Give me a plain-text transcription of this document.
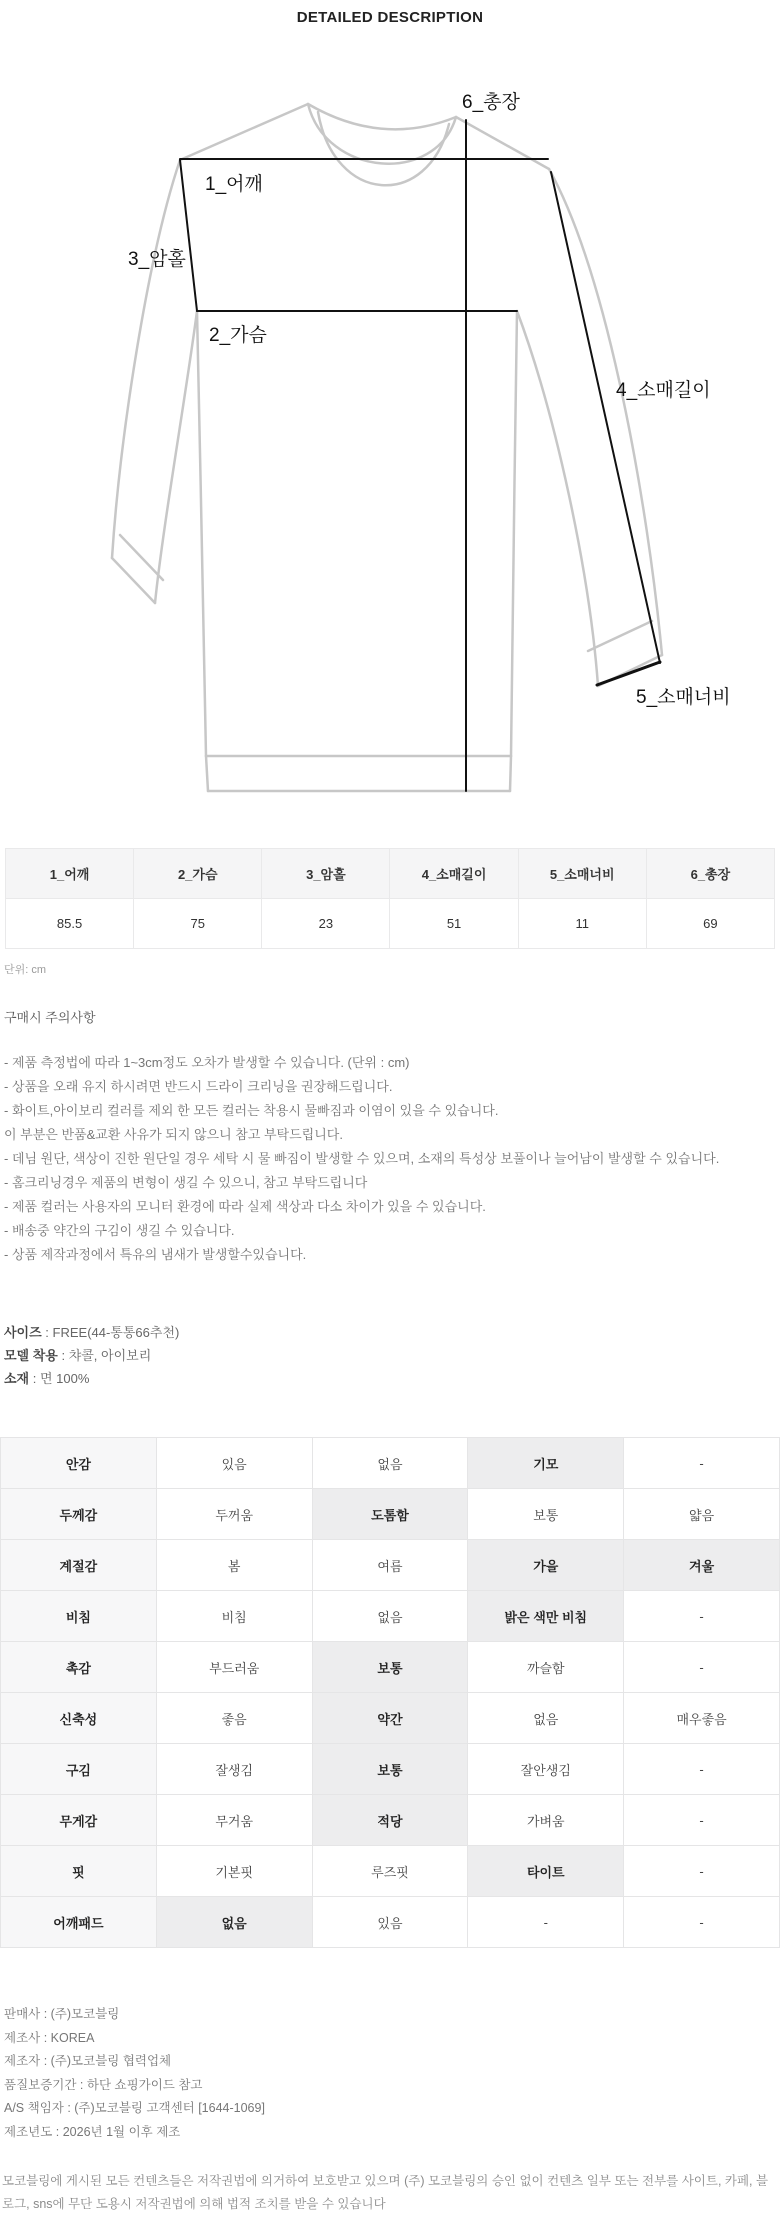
DETAILED DESCRIPTION
6_총장
1_어깨
3_암홀
2_가슴
4_소매길이
5_소매너비
1_어깨	2_가슴	3_암홀	4_소매길이	5_소매너비	6_총장
85.5	75	23	51	11	69

단위: cm

구매시 주의사항

- 제품 측정법에 따라 1~3cm정도 오차가 발생할 수 있습니다. (단위 : cm)

- 상품을 오래 유지 하시려면 반드시 드라이 크리닝을 권장해드립니다.

- 화이트,아이보리 컬러를 제외 한 모든 컬러는 착용시 물빠짐과 이염이 있을 수 있습니다.

이 부분은 반품&교환 사유가 되지 않으니 참고 부탁드립니다.

- 데님 원단, 색상이 진한 원단일 경우 세탁 시 물 빠짐이 발생할 수 있으며, 소재의 특성상 보풀이나 늘어남이 발생할 수 있습니다.

- 홈크리닝경우 제품의 변형이 생길 수 있으니, 참고 부탁드립니다

- 제품 컬러는 사용자의 모니터 환경에 따라 실제 색상과 다소 차이가 있을 수 있습니다.

- 배송중 약간의 구김이 생길 수 있습니다.

- 상품 제작과정에서 특유의 냄새가 발생할수있습니다.

사이즈 : FREE(44-통통66추천)

모델 착용 : 챠콜, 아이보리

소재 : 면 100%

안감	있음	없음	기모	-
두께감	두꺼움	도톰함	보통	얇음
계절감	봄	여름	가을	겨울
비침	비침	없음	밝은 색만 비침	-
촉감	부드러움	보통	까슬함	-
신축성	좋음	약간	없음	매우좋음
구김	잘생김	보통	잘안생김	-
무게감	무거움	적당	가벼움	-
핏	기본핏	루즈핏	타이트	-
어깨패드	없음	있음	-	-

판매사 : (주)모코블링

제조사 : KOREA

제조자 : (주)모코블링 협력업체

품질보증기간 : 하단 쇼핑가이드 참고

A/S 책임자 : (주)모코블링 고객센터 [1644-1069]

제조년도 : 2026년 1월 이후 제조

모코블링에 게시된 모든 컨텐츠들은 저작권법에 의거하여 보호받고 있으며 (주) 모코블링의 승인 없이 컨텐츠 일부 또는 전부를 사이트, 카페, 블로그, sns에 무단 도용시 저작권법에 의해 법적 조치를 받을 수 있습니다
